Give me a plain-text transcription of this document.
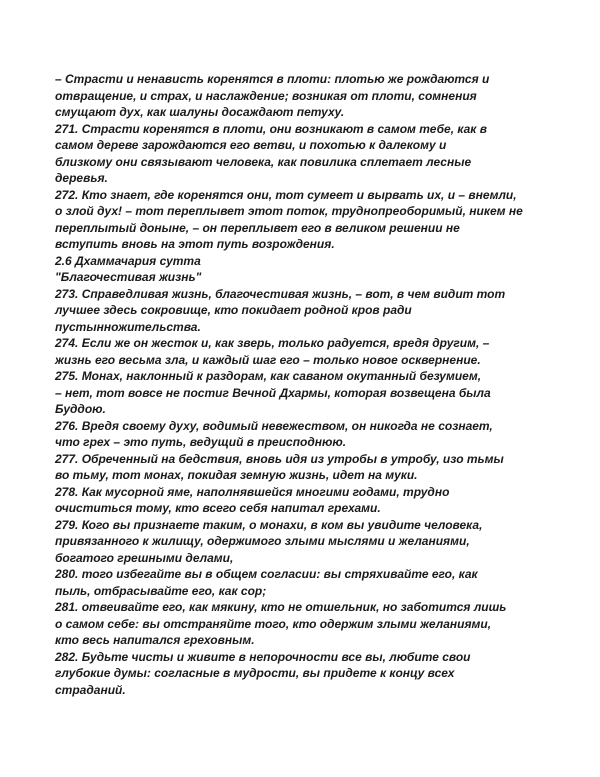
– Страсти и ненависть коренятся в плоти: плотью же рождаются и
отвращение, и страх, и наслаждение; возникая от плоти, сомнения
смущают дух, как шалуны досаждают петуху.
271. Страсти коренятся в плоти, они возникают в самом тебе, как в
самом дереве зарождаются его ветви, и похотью к далекому и
близкому они связывают человека, как повилика сплетает лесные
деревья.
272. Кто знает, где коренятся они, тот сумеет и вырвать их, и – внемли,
о злой дух! – тот переплывет этот поток, труднопреоборимый, никем не
переплытый доныне, – он переплывет его в великом решении не
вступить вновь на этот путь возрождения.
2.6 Дхаммачария сутта
"Благочестивая жизнь"
273. Справедливая жизнь, благочестивая жизнь, – вот, в чем видит тот
лучшее здесь сокровище, кто покидает родной кров ради
пустынножительства.
274. Если же он жесток и, как зверь, только радуется, вредя другим, –
жизнь его весьма зла, и каждый шаг его – только новое осквернение.
275. Монах, наклонный к раздорам, как саваном окутанный безумием,
– нет, тот вовсе не постиг Вечной Дхармы, которая возвещена была
Буддою.
276. Вредя своему духу, водимый невежеством, он никогда не сознает,
что грех – это путь, ведущий в преисподнюю.
277. Обреченный на бедствия, вновь идя из утробы в утробу, изо тьмы
во тьму, тот монах, покидая земную жизнь, идет на муки.
278. Как мусорной яме, наполнявшейся многими годами, трудно
очиститься тому, кто всего себя напитал грехами.
279. Кого вы признаете таким, о монахи, в ком вы увидите человека,
привязанного к жилищу, одержимого злыми мыслями и желаниями,
богатого грешными делами,
280. того избегайте вы в общем согласии: вы стряхивайте его, как
пыль, отбрасывайте его, как сор;
281. отвеивайте его, как мякину, кто не отшельник, но заботится лишь
о самом себе: вы отстраняйте того, кто одержим злыми желаниями,
кто весь напитался греховным.
282. Будьте чисты и живите в непорочности все вы, любите свои
глубокие думы: согласные в мудрости, вы придете к концу всех
страданий.
